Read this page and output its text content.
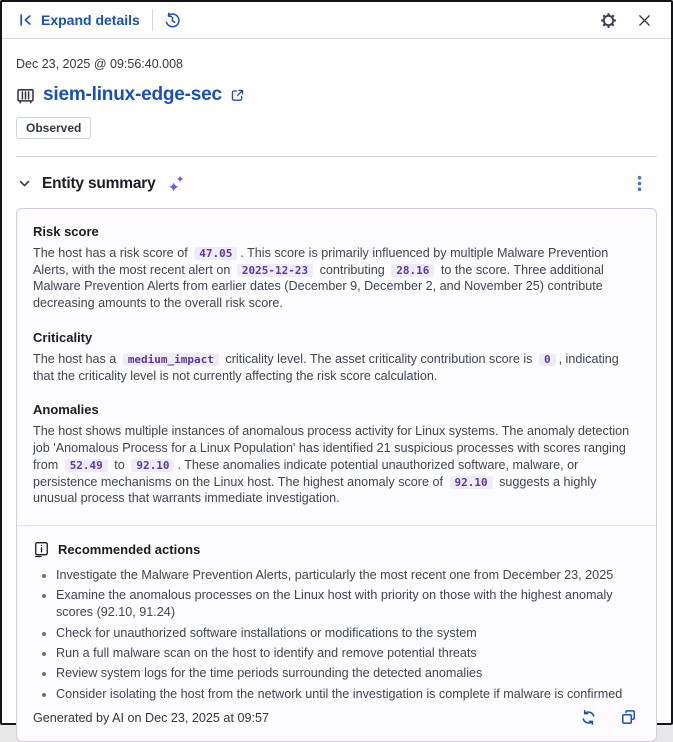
Expand details
Dec 23, 2025 @ 09:56:40.008
siem-linux-edge-sec
Observed
Entity summary
Risk score

The host has a risk score of 47.05 . This score is primarily influenced by multiple Malware Prevention Alerts, with the most recent alert on 2025-12-23 contributing 28.16 to the score. Three additional Malware Prevention Alerts from earlier dates (December 9, December 2, and November 25) contribute decreasing amounts to the overall risk score.

Criticality

The host has a medium_impact criticality level. The asset criticality contribution score is 0 , indicating that the criticality level is not currently affecting the risk score calculation.

Anomalies

The host shows multiple instances of anomalous process activity for Linux systems. The anomaly detection job 'Anomalous Process for a Linux Population' has identified 21 suspicious processes with scores ranging from 52.49 to 92.10 . These anomalies indicate potential unauthorized software, malware, or persistence mechanisms on the Linux host. The highest anomaly score of 92.10 suggests a highly unusual process that warrants immediate investigation.

Recommended actions
• Investigate the Malware Prevention Alerts, particularly the most recent one from December 23, 2025
• Examine the anomalous processes on the Linux host with priority on those with the highest anomaly scores (92.10, 91.24)
• Check for unauthorized software installations or modifications to the system
• Run a full malware scan on the host to identify and remove potential threats
• Review system logs for the time periods surrounding the detected anomalies
• Consider isolating the host from the network until the investigation is complete if malware is confirmed
Generated by AI on Dec 23, 2025 at 09:57
